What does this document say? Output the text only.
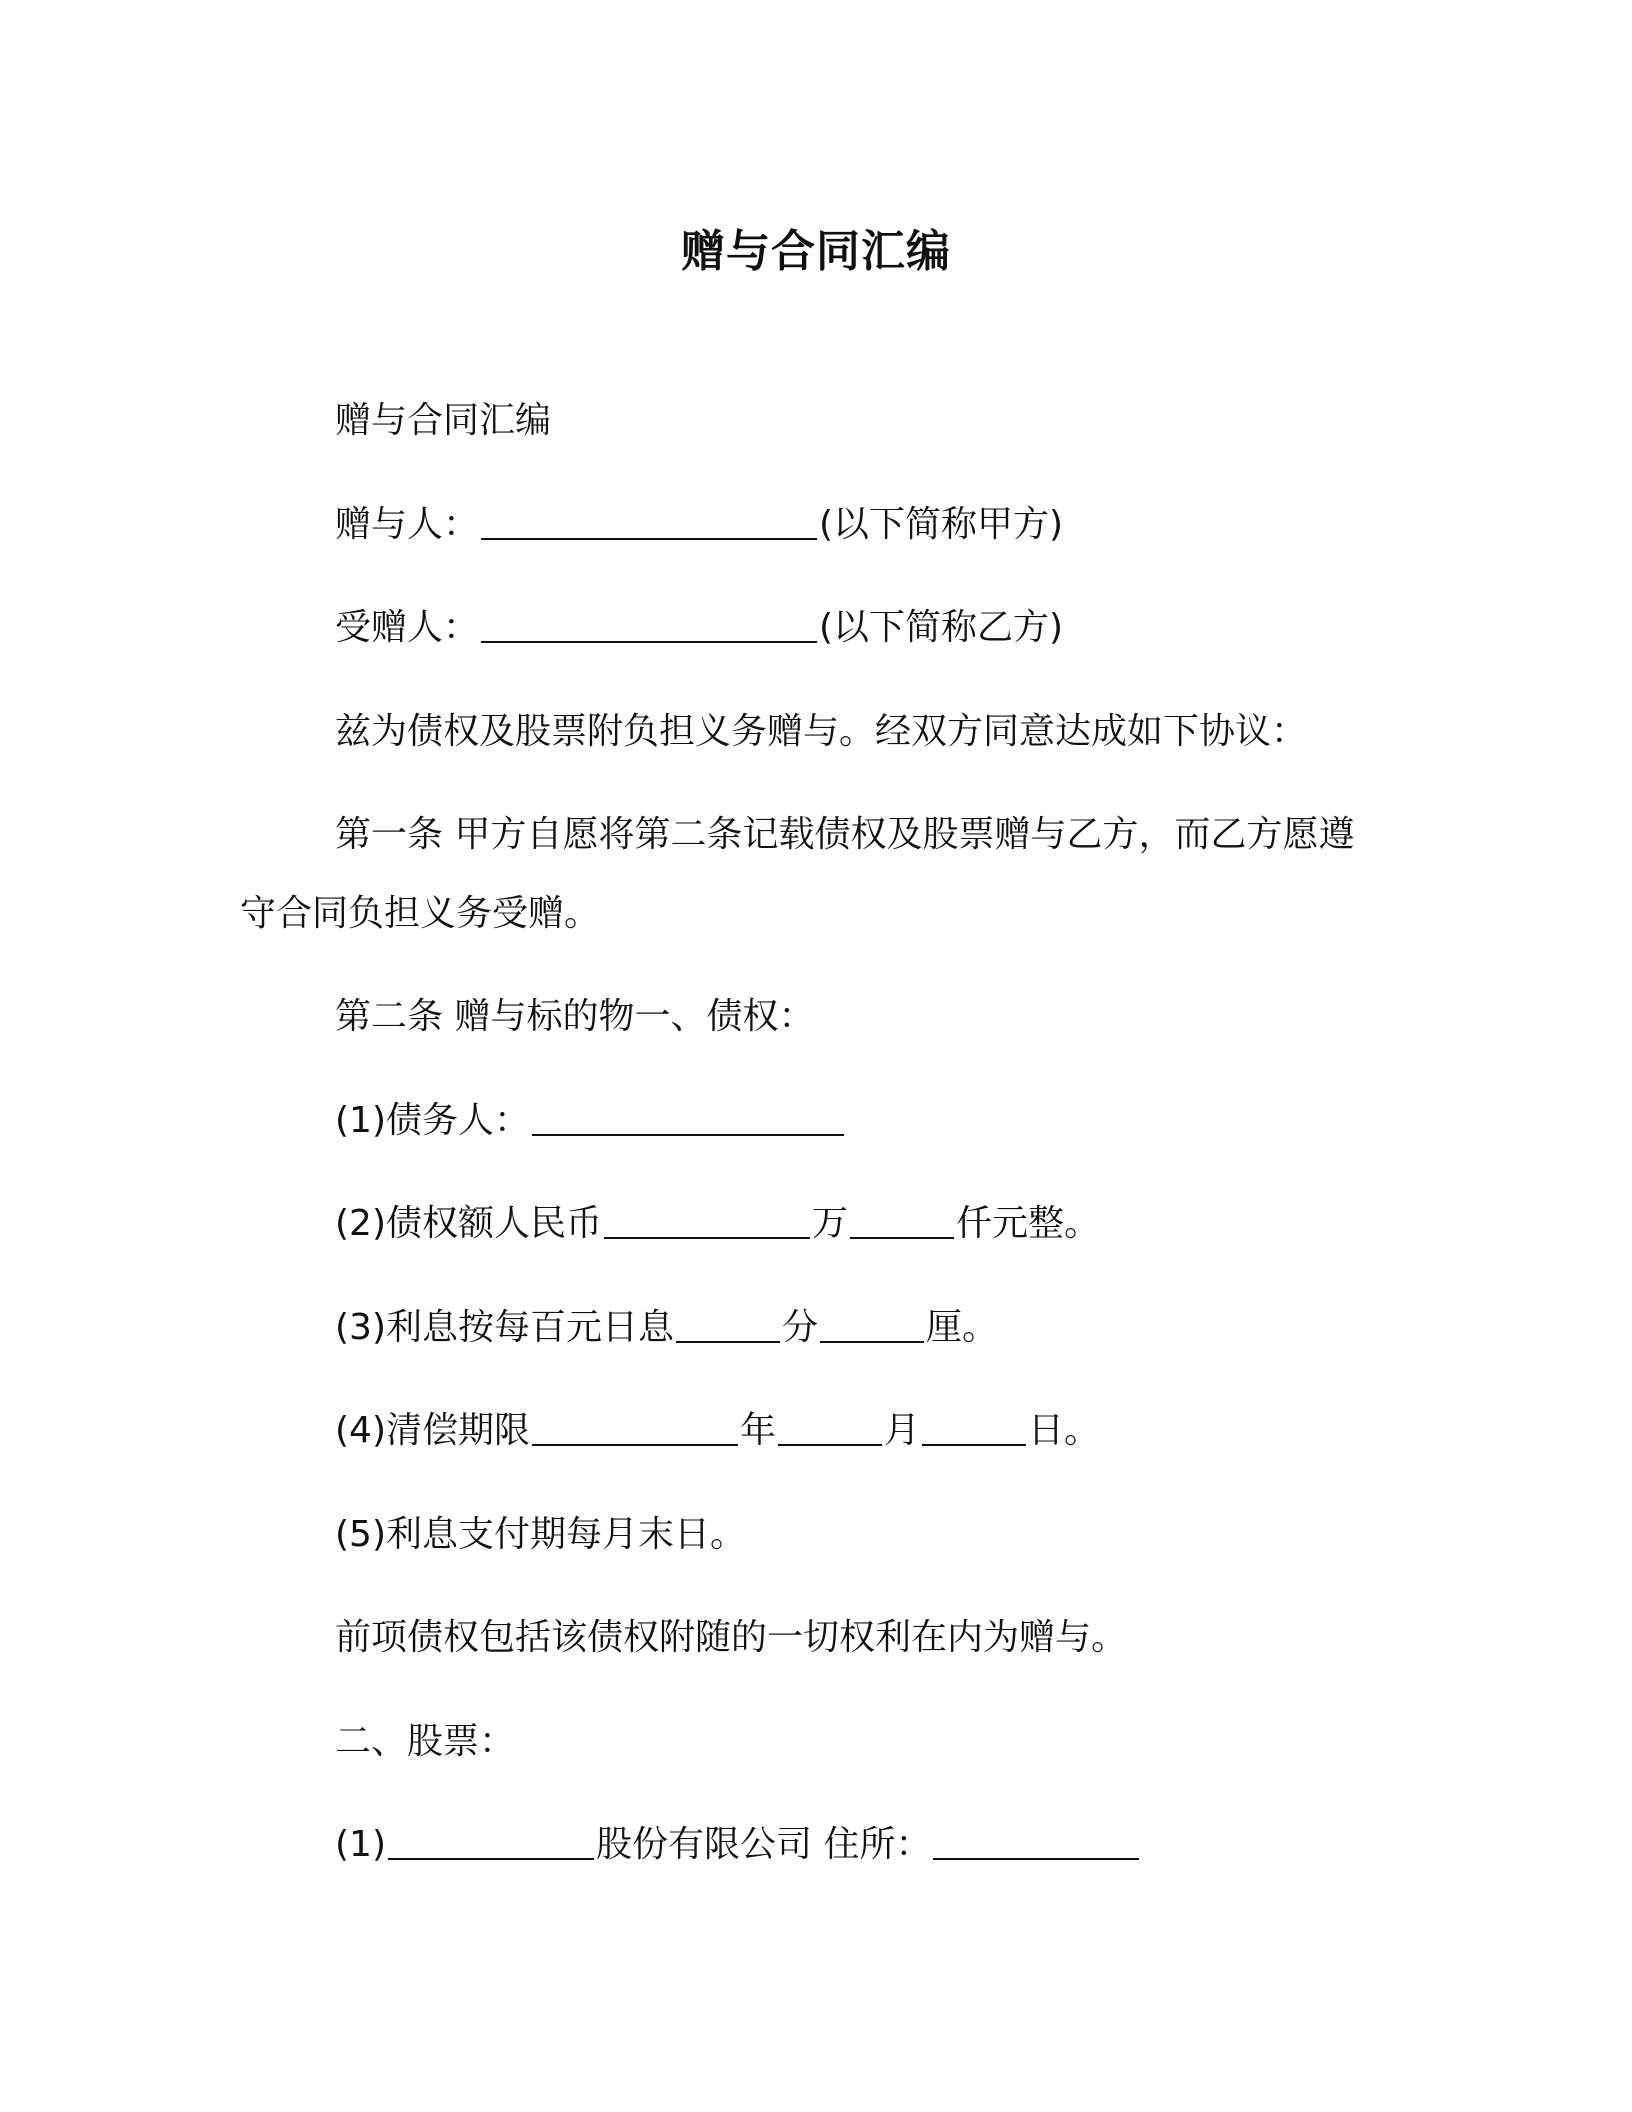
赠与合同汇编
赠与合同汇编
赠与人：	(以下简称甲方)
受赠人：	(以下简称乙方)
兹为债权及股票附负担义务赠与。经双方同意达成如下协议：
第一条 甲方自愿将第二条记载债权及股票赠与乙方，而乙方愿遵
守合同负担义务受赠。
第二条 赠与标的物一、债权：
(1)债务人：
(2)债权额人民币	万	仟元整。
(3)利息按每百元日息	分	厘。
(4)清偿期限	年	月	日。
(5)利息支付期每月末日。
前项债权包括该债权附随的一切权利在内为赠与。
二、股票：
(1)	股份有限公司 住所：
